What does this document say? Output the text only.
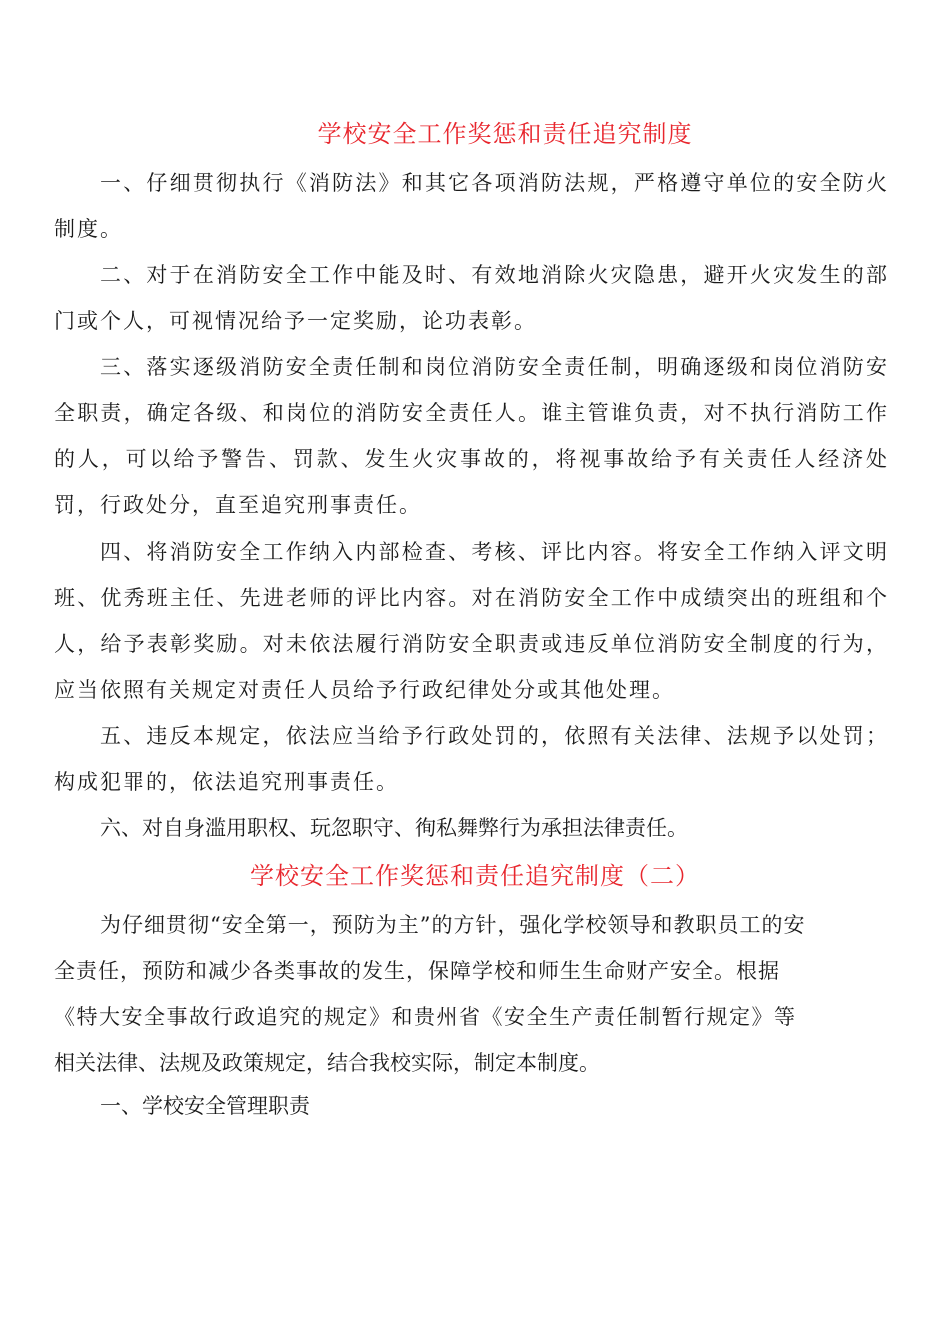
学校安全工作奖惩和责任追究制度

一、仔细贯彻执行《消防法》和其它各项消防法规，严格遵守单位的安全防火制度。

二、对于在消防安全工作中能及时、有效地消除火灾隐患，避开火灾发生的部门或个人，可视情况给予一定奖励，论功表彰。

三、落实逐级消防安全责任制和岗位消防安全责任制，明确逐级和岗位消防安全职责，确定各级、和岗位的消防安全责任人。谁主管谁负责，对不执行消防工作的人，可以给予警告、罚款、发生火灾事故的，将视事故给予有关责任人经济处罚，行政处分，直至追究刑事责任。

四、将消防安全工作纳入内部检查、考核、评比内容。将安全工作纳入评文明班、优秀班主任、先进老师的评比内容。对在消防安全工作中成绩突出的班组和个人，给予表彰奖励。对未依法履行消防安全职责或违反单位消防安全制度的行为，应当依照有关规定对责任人员给予行政纪律处分或其他处理。

五、违反本规定，依法应当给予行政处罚的，依照有关法律、法规予以处罚；构成犯罪的，依法追究刑事责任。

六、对自身滥用职权、玩忽职守、徇私舞弊行为承担法律责任。

学校安全工作奖惩和责任追究制度（二）
为仔细贯彻“安全第一，预防为主”的方针，强化学校领导和教职员工的安
全责任，预防和减少各类事故的发生，保障学校和师生生命财产安全。根据
《特大安全事故行政追究的规定》和贵州省《安全生产责任制暂行规定》等
相关法律、法规及政策规定，结合我校实际，制定本制度。

一、学校安全管理职责
